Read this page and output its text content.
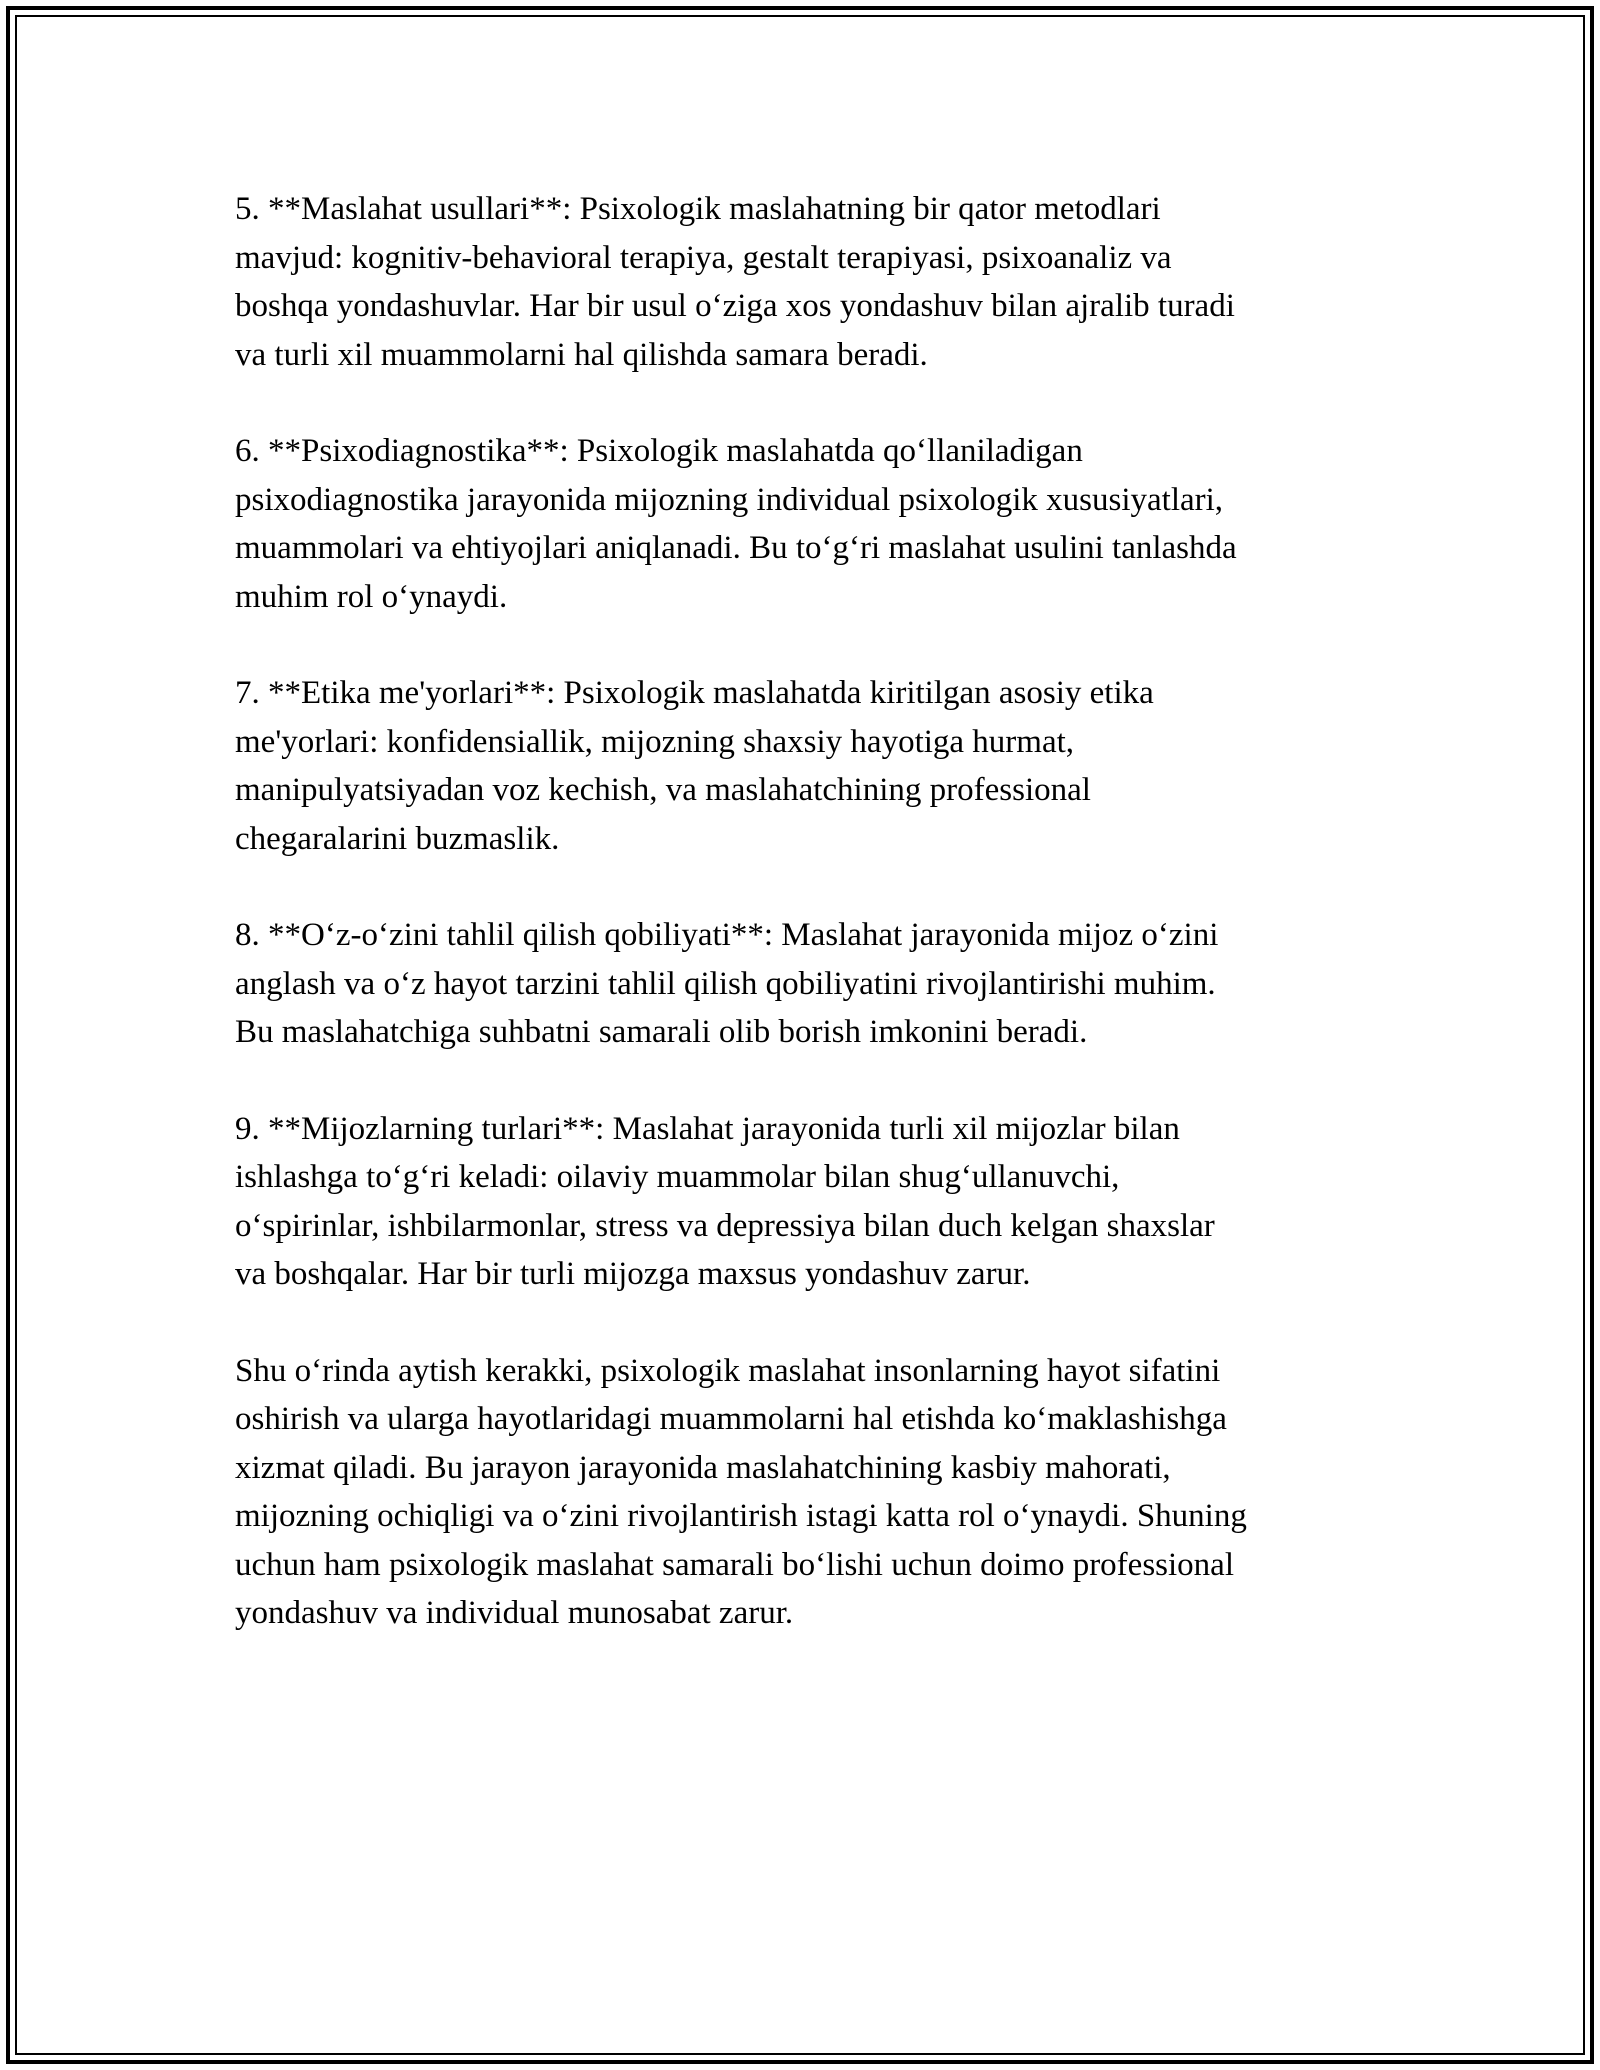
5. **Maslahat usullari**: Psixologik maslahatning bir qator metodlari
mavjud: kognitiv-behavioral terapiya, gestalt terapiyasi, psixoanaliz va
boshqa yondashuvlar. Har bir usul o‘ziga xos yondashuv bilan ajralib turadi
va turli xil muammolarni hal qilishda samara beradi.

6. **Psixodiagnostika**: Psixologik maslahatda qo‘llaniladigan
psixodiagnostika jarayonida mijozning individual psixologik xususiyatlari,
muammolari va ehtiyojlari aniqlanadi. Bu to‘g‘ri maslahat usulini tanlashda
muhim rol o‘ynaydi.

7. **Etika me'yorlari**: Psixologik maslahatda kiritilgan asosiy etika
me'yorlari: konfidensiallik, mijozning shaxsiy hayotiga hurmat,
manipulyatsiyadan voz kechish, va maslahatchining professional
chegaralarini buzmaslik.

8. **O‘z-o‘zini tahlil qilish qobiliyati**: Maslahat jarayonida mijoz o‘zini
anglash va o‘z hayot tarzini tahlil qilish qobiliyatini rivojlantirishi muhim.
Bu maslahatchiga suhbatni samarali olib borish imkonini beradi.

9. **Mijozlarning turlari**: Maslahat jarayonida turli xil mijozlar bilan
ishlashga to‘g‘ri keladi: oilaviy muammolar bilan shug‘ullanuvchi,
o‘spirinlar, ishbilarmonlar, stress va depressiya bilan duch kelgan shaxslar
va boshqalar. Har bir turli mijozga maxsus yondashuv zarur.

Shu o‘rinda aytish kerakki, psixologik maslahat insonlarning hayot sifatini
oshirish va ularga hayotlaridagi muammolarni hal etishda ko‘maklashishga
xizmat qiladi. Bu jarayon jarayonida maslahatchining kasbiy mahorati,
mijozning ochiqligi va o‘zini rivojlantirish istagi katta rol o‘ynaydi. Shuning
uchun ham psixologik maslahat samarali bo‘lishi uchun doimo professional
yondashuv va individual munosabat zarur.
